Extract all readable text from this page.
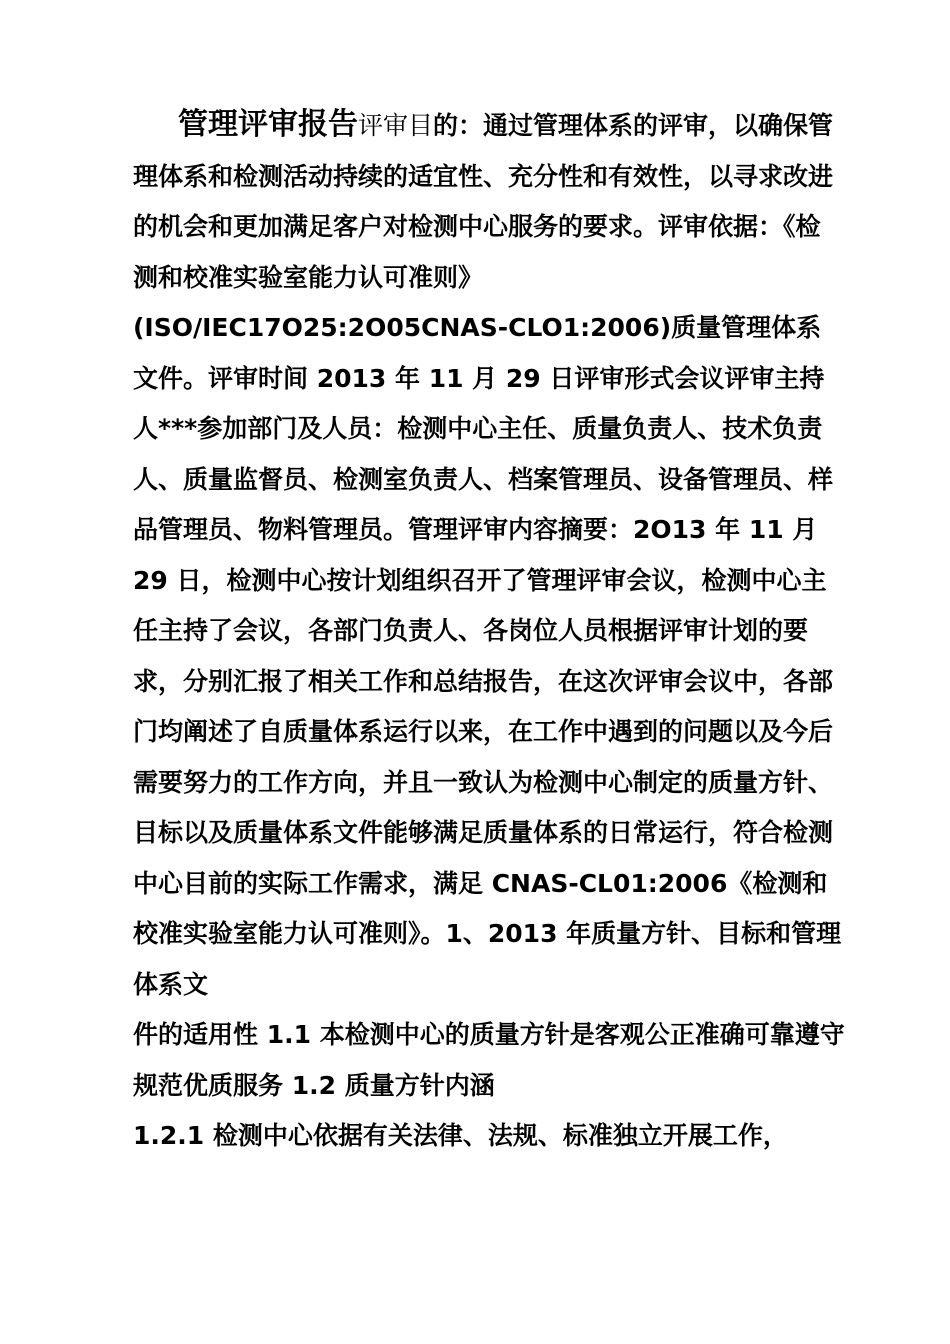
管理评审报告评审目的：通过管理体系的评审，以确保管理体系和检测活动持续的适宜性、充分性和有效性，以寻求改进的机会和更加满足客户对检测中心服务的要求。评审依据：《检测和校准实验室能力认可准则》(ISO/IEC17O25:2O05CNAS-CLO1:2006)质量管理体系文件。评审时间 2013 年 11 月 29 日评审形式会议评审主持人***参加部门及人员：检测中心主任、质量负责人、技术负责人、质量监督员、检测室负责人、档案管理员、设备管理员、样品管理员、物料管理员。管理评审内容摘要：2O13 年 11 月 29 日，检测中心按计划组织召开了管理评审会议，检测中心主任主持了会议，各部门负责人、各岗位人员根据评审计划的要求，分别汇报了相关工作和总结报告，在这次评审会议中，各部门均阐述了自质量体系运行以来，在工作中遇到的问题以及今后需要努力的工作方向，并且一致认为检测中心制定的质量方针、目标以及质量体系文件能够满足质量体系的日常运行，符合检测中心目前的实际工作需求，满足 CNAS-CL01:2006《检测和校准实验室能力认可准则》。1、2013 年质量方针、目标和管理体系文

件的适用性 1.1 本检测中心的质量方针是客观公正准确可靠遵守规范优质服务 1.2 质量方针内涵

1.2.1 检测中心依据有关法律、法规、标准独立开展工作，
